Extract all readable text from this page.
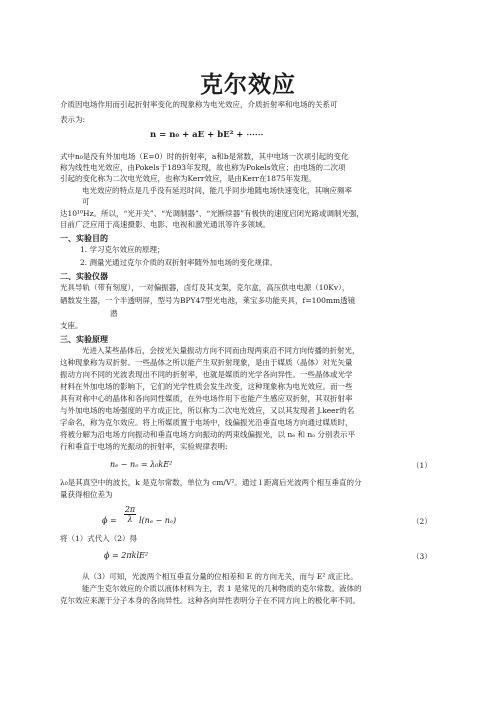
克尔效应
介质因电场作用而引起折射率变化的现象称为电光效应，介质折射率和电场的关系可
表示为:
n = n₀ + aE + bE² + ⋯⋯
式中n₀是没有外加电场（E=0）时的折射率，a和b是常数，其中电场一次项引起的变化
称为线性电光效应，由Pokels于1893年发现，故也称为Pokels效应；由电场的二次项
引起的变化称为二次电光效应，也称为Kerr效应，是由Kerr在1875年发现。
电光效应的特点是几乎没有延迟时间，能几乎同步地随电场快速变化，其响应频率
可
达10¹⁰Hz。所以，“光开关”、“光调制器”、“光断续器”有极快的速度启闭光路或调制光强，
目前广泛应用于高速摄影、电影、电视和激光通讯等许多领域。
一、实验目的
1. 学习克尔效应的原理；
2. 测量光通过克尔介质的双折射率随外加电场的变化规律。
二、实验仪器
光具导轨（带有刻度），一对偏振器，卤灯及其支架，克尔盒，高压供电电源（10Kv），
硒数发生器，一个半透明屏，型号为BPY47型光电池，莱宝多功能夹具，f=100mm透镜
潜
支座。
三、实验原理
光进入某些晶体后，会按光矢量振动方向不同而由现两束沿不同方向传播的折射光，
这种现象称为双折射。一些晶体之所以能产生双折射现象，是由于媒质（晶体）对光矢量
振动方向不同的光波表现出不同的折射率，也就是媒质的光学各向异性。一些晶体或光学
材料在外加电场的影响下，它们的光学性质会发生改变，这种现象称为电光效应。而一些
具有对称中心的晶体和各向同性媒质，在外电场作用下也能产生感应双折射，其双折射率
与外加电场的电场强度的平方成正比，所以称为二次电光效应，又以其发现者 J.keer的名
字命名，称为克尔效应。将上所媒质置于电场中，线偏振光沿垂直电场方向通过媒质时，
将被分解为沿电场方向振动和垂直电场方向振动的两束线偏振光，以 nₑ 和 nₒ 分别表示平
行和垂直于电场的光振动的折射率，实验规律表明:
nₑ − nₒ = λ₀kE²	（1）
λ₀是其真空中的波长，k 是克尔常数，单位为 cm/V²。通过 l 距离后光波两个相互垂直的分
量获得相位差为
ϕ =
2π
λ l(nₑ − nₒ)	（2）
将（1）式代入（2）得
ϕ = 2πklE²	（3）
从（3）可知，光波两个相互垂直分量的位相差和 E 的方向无关，而与 E² 成正比。
能产生克尔效应的介质以液体材料为主，表 1 是常见的几种物质的克尔常数。液体的
克尔效应来源于分子本身的各向异性。这种各向异性表明分子在不同方向上的极化率不同。
